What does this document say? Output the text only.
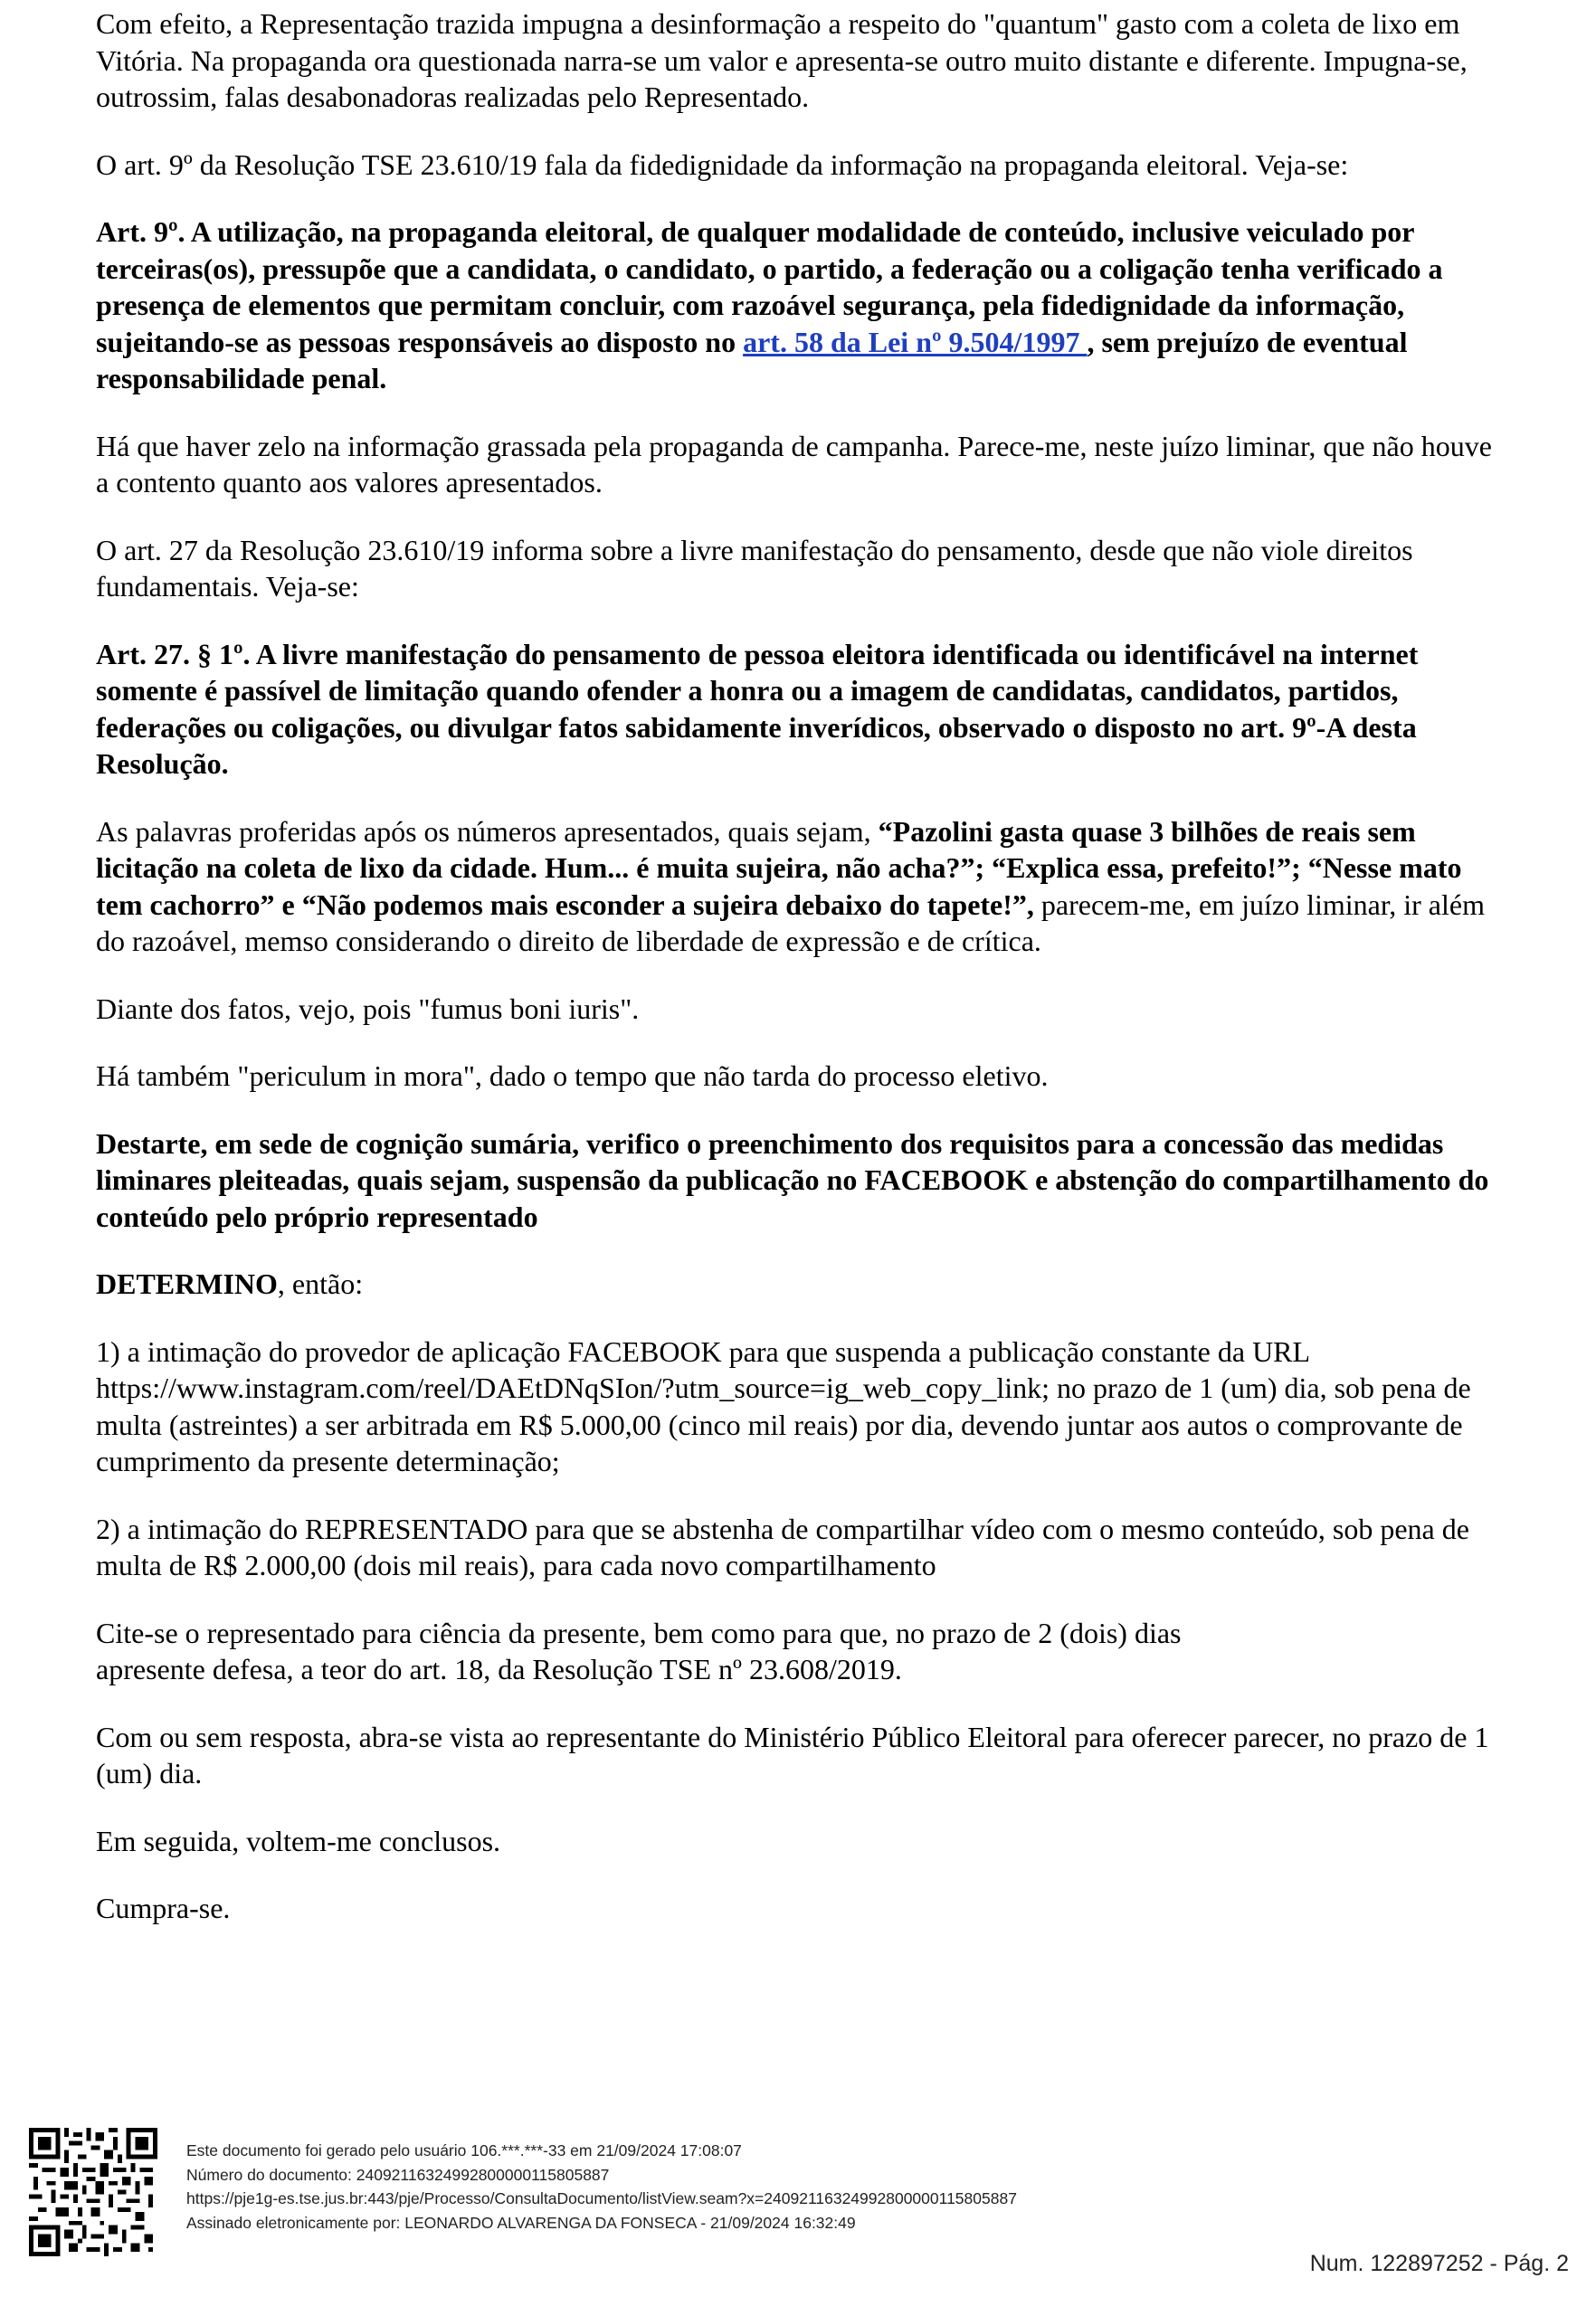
Com efeito, a Representação trazida impugna a desinformação a respeito do "quantum" gasto com a coleta de lixo em Vitória. Na propaganda ora questionada narra-se um valor e apresenta-se outro muito distante e diferente. Impugna-se, outrossim, falas desabonadoras realizadas pelo Representado.

O art. 9º da Resolução TSE 23.610/19 fala da fidedignidade da informação na propaganda eleitoral. Veja-se:

Art. 9º. A utilização, na propaganda eleitoral, de qualquer modalidade de conteúdo, inclusive veiculado por terceiras(os), pressupõe que a candidata, o candidato, o partido, a federação ou a coligação tenha verificado a presença de elementos que permitam concluir, com razoável segurança, pela fidedignidade da informação, sujeitando-se as pessoas responsáveis ao disposto no art. 58 da Lei nº 9.504/1997 , sem prejuízo de eventual responsabilidade penal.

Há que haver zelo na informação grassada pela propaganda de campanha. Parece-me, neste juízo liminar, que não houve a contento quanto aos valores apresentados.

O art. 27 da Resolução 23.610/19 informa sobre a livre manifestação do pensamento, desde que não viole direitos fundamentais. Veja-se:

Art. 27. § 1º. A livre manifestação do pensamento de pessoa eleitora identificada ou identificável na internet somente é passível de limitação quando ofender a honra ou a imagem de candidatas, candidatos, partidos, federações ou coligações, ou divulgar fatos sabidamente inverídicos, observado o disposto no art. 9º-A desta Resolução.

As palavras proferidas após os números apresentados, quais sejam, “Pazolini gasta quase 3 bilhões de reais sem licitação na coleta de lixo da cidade. Hum... é muita sujeira, não acha?”; “Explica essa, prefeito!”; “Nesse mato tem cachorro” e “Não podemos mais esconder a sujeira debaixo do tapete!”, parecem-me, em juízo liminar, ir além do razoável, memso considerando o direito de liberdade de expressão e de crítica.

Diante dos fatos, vejo, pois "fumus boni iuris".

Há também "periculum in mora", dado o tempo que não tarda do processo eletivo.

Destarte, em sede de cognição sumária, verifico o preenchimento dos requisitos para a concessão das medidas liminares pleiteadas, quais sejam, suspensão da publicação no FACEBOOK e abstenção do compartilhamento do conteúdo pelo próprio representado

DETERMINO, então:

1) a intimação do provedor de aplicação FACEBOOK para que suspenda a publicação constante da URL https://www.instagram.com/reel/DAEtDNqSIon/?utm_source=ig_web_copy_link; no prazo de 1 (um) dia, sob pena de multa (astreintes) a ser arbitrada em R$ 5.000,00 (cinco mil reais) por dia, devendo juntar aos autos o comprovante de cumprimento da presente determinação;

2) a intimação do REPRESENTADO para que se abstenha de compartilhar vídeo com o mesmo conteúdo, sob pena de multa de R$ 2.000,00 (dois mil reais), para cada novo compartilhamento

Cite-se o representado para ciência da presente, bem como para que, no prazo de 2 (dois) dias
apresente defesa, a teor do art. 18, da Resolução TSE nº 23.608/2019.

Com ou sem resposta, abra-se vista ao representante do Ministério Público Eleitoral para oferecer parecer, no prazo de 1 (um) dia.

Em seguida, voltem-me conclusos.

Cumpra-se.

Este documento foi gerado pelo usuário 106.***.***-33 em 21/09/2024 17:08:07
Número do documento: 24092116324992800000115805887
https://pje1g-es.tse.jus.br:443/pje/Processo/ConsultaDocumento/listView.seam?x=24092116324992800000115805887
Assinado eletronicamente por: LEONARDO ALVARENGA DA FONSECA - 21/09/2024 16:32:49
Num. 122897252 - Pág. 2
